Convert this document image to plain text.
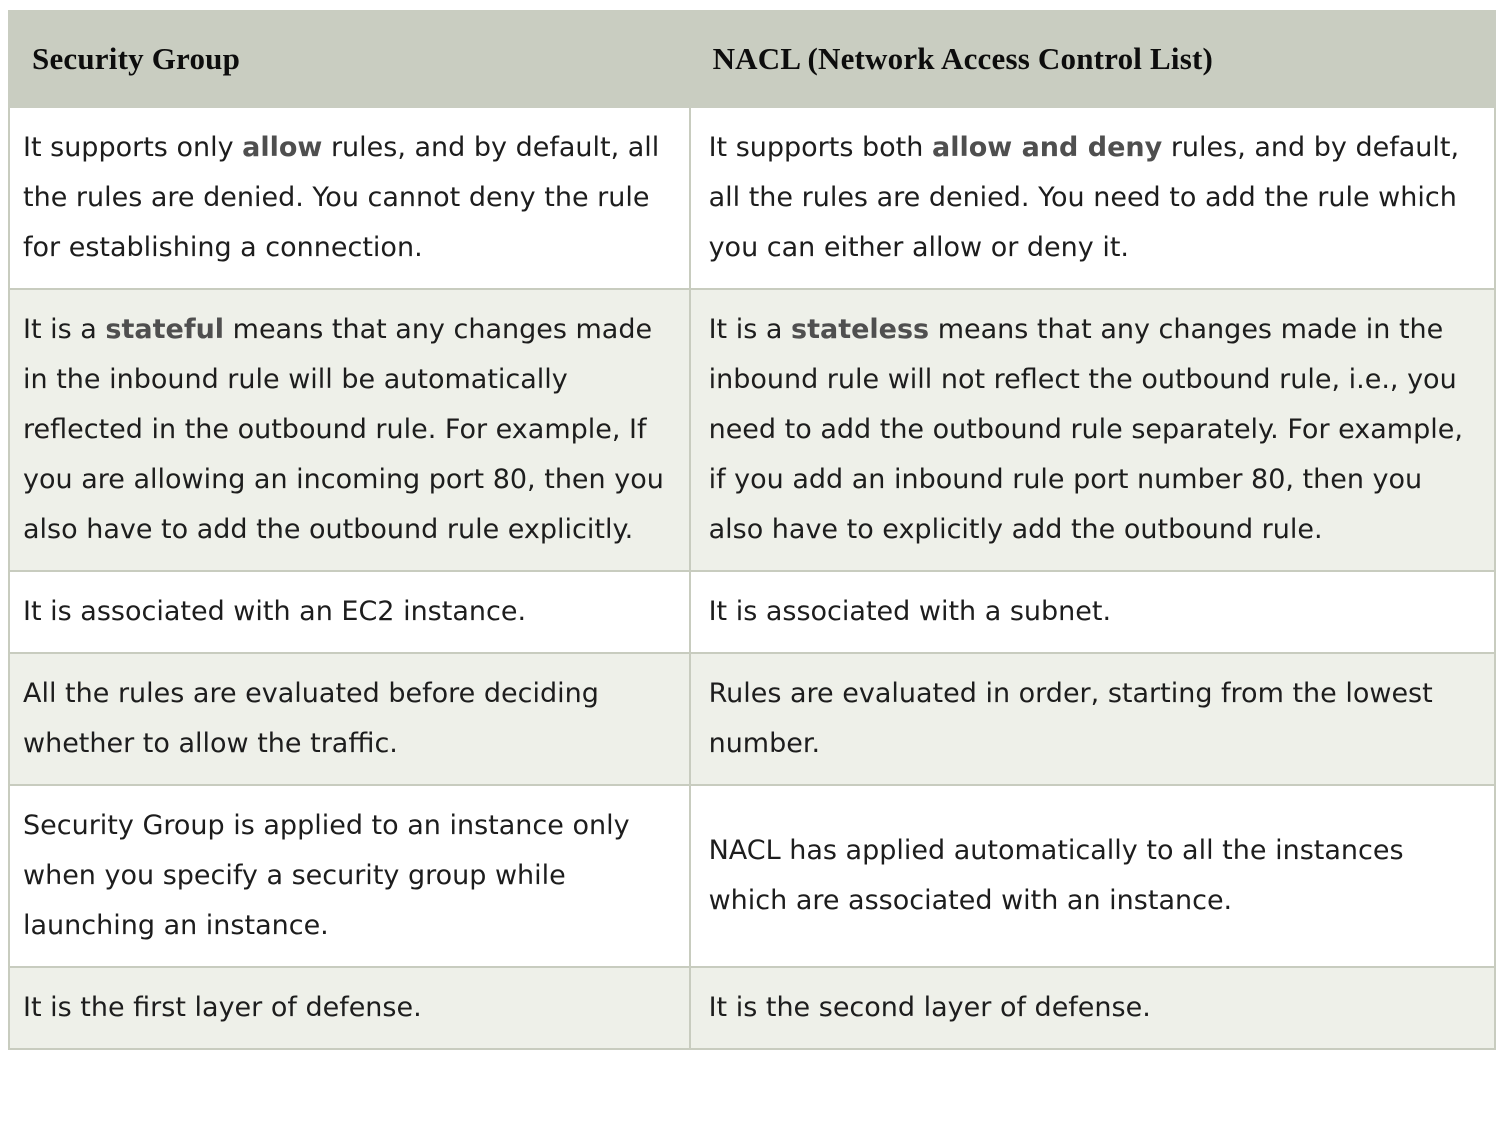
Security Group	NACL (Network Access Control List)
It supports only allow rules, and by default, all the rules are denied. You cannot deny the rule for establishing a connection.	It supports both allow and deny rules, and by default, all the rules are denied. You need to add the rule which you can either allow or deny it.
It is a stateful means that any changes made in the inbound rule will be automatically reflected in the outbound rule. For example, If you are allowing an incoming port 80, then you also have to add the outbound rule explicitly.	It is a stateless means that any changes made in the inbound rule will not reflect the outbound rule, i.e., you need to add the outbound rule separately. For example, if you add an inbound rule port number 80, then you also have to explicitly add the outbound rule.
It is associated with an EC2 instance.	It is associated with a subnet.
All the rules are evaluated before deciding whether to allow the traffic.	Rules are evaluated in order, starting from the lowest number.
Security Group is applied to an instance only when you specify a security group while launching an instance.	NACL has applied automatically to all the instances which are associated with an instance.
It is the first layer of defense.	It is the second layer of defense.
